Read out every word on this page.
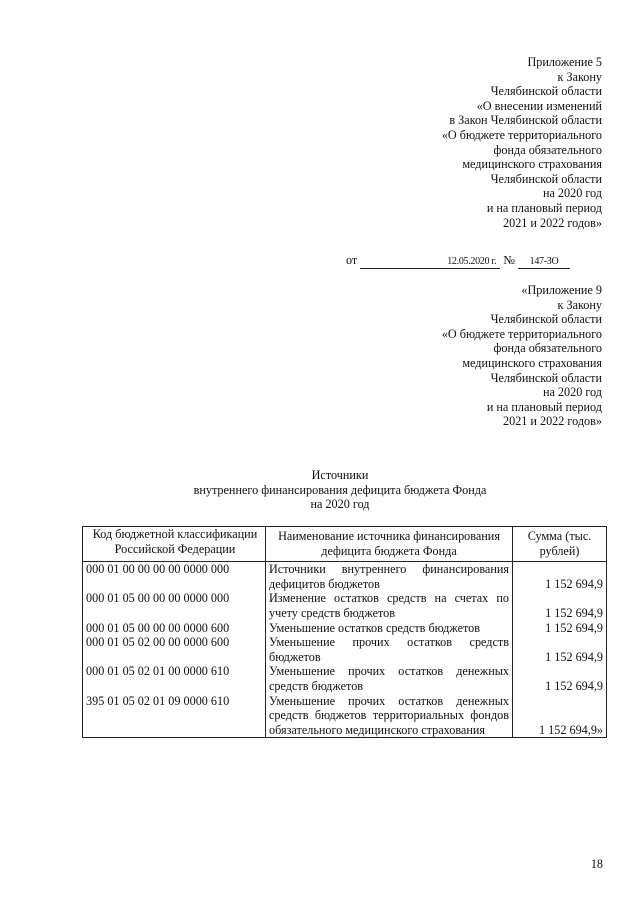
Приложение 5
к Закону
Челябинской области
«О внесении изменений
в Закон Челябинской области
«О бюджете территориального
фонда обязательного
медицинского страхования
Челябинской области
на 2020 год
и на плановый период
2021 и 2022 годов»
от	12.05.2020 г. № 147-ЗО
«Приложение 9
к Закону
Челябинской области
«О бюджете территориального
фонда обязательного
медицинского страхования
Челябинской области
на 2020 год
и на плановый период
2021 и 2022 годов»
Источники
внутреннего финансирования дефицита бюджета Фонда
на 2020 год
Код бюджетной классификации Российской Федерации	Наименование источника финансирования дефицита бюджета Фонда	Сумма (тыс. рублей)
000 01 00 00 00 00 0000 000	Источники внутреннего финансирования дефицитов бюджетов	1 152 694,9
000 01 05 00 00 00 0000 000	Изменение остатков средств на счетах по учету средств бюджетов	1 152 694,9
000 01 05 00 00 00 0000 600	Уменьшение остатков средств бюджетов	1 152 694,9
000 01 05 02 00 00 0000 600	Уменьшение прочих остатков средств бюджетов	1 152 694,9
000 01 05 02 01 00 0000 610	Уменьшение прочих остатков денежных средств бюджетов	1 152 694,9
395 01 05 02 01 09 0000 610	Уменьшение прочих остатков денежных средств бюджетов территориальных фондов обязательного медицинского страхования	1 152 694,9»
18
